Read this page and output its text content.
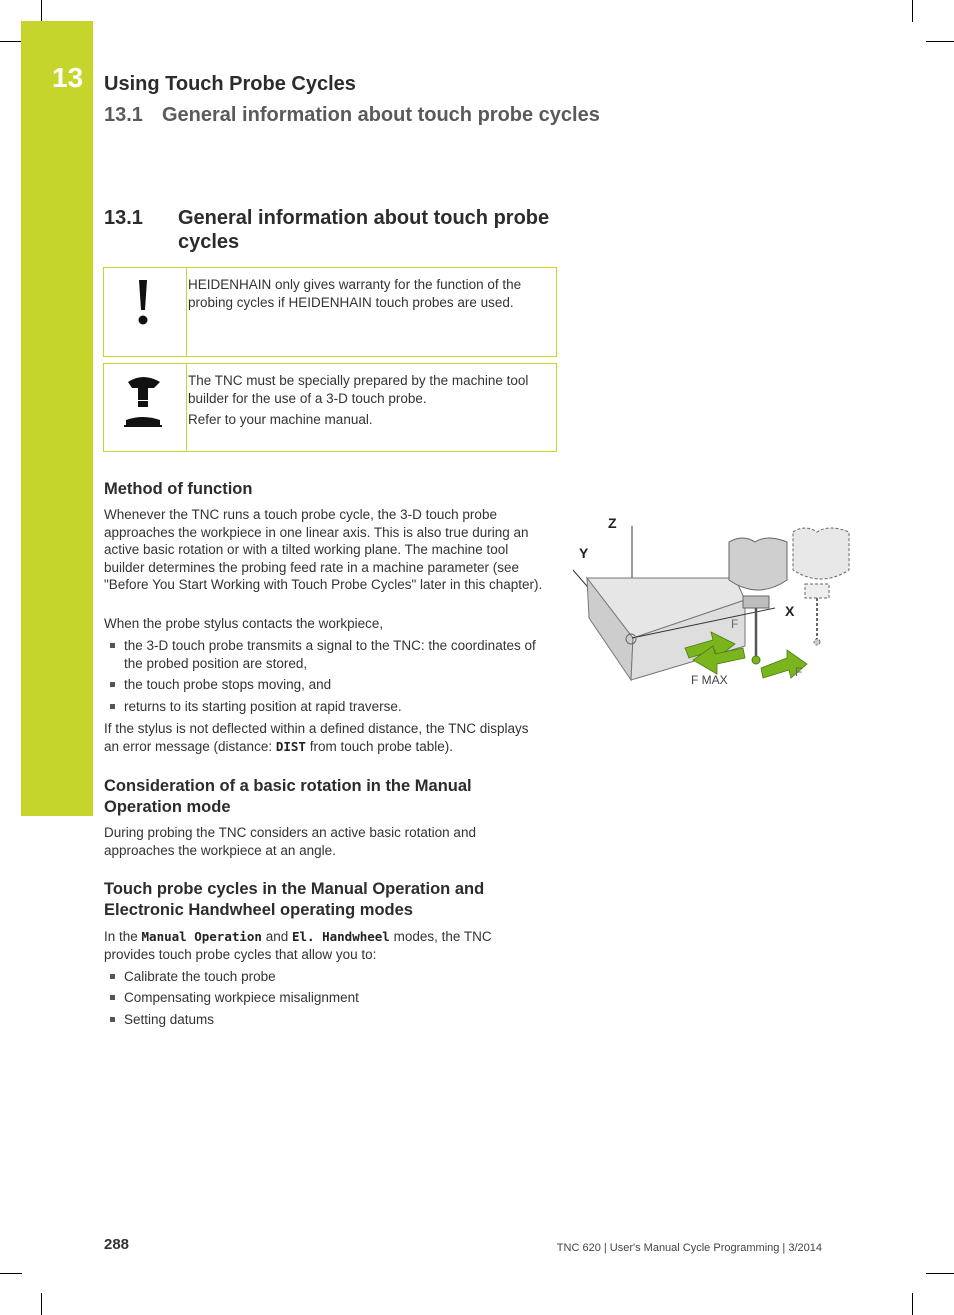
13 Using Touch Probe Cycles
13.1 General information about touch probe cycles
13.1 General information about touch probe cycles

HEIDENHAIN only gives warranty for the function of the probing cycles if HEIDENHAIN touch probes are used.

The TNC must be specially prepared by the machine tool builder for the use of a 3-D touch probe.

Refer to your machine manual.

Method of function

Whenever the TNC runs a touch probe cycle, the 3-D touch probe approaches the workpiece in one linear axis. This is also true during an active basic rotation or with a tilted working plane. The machine tool builder determines the probing feed rate in a machine parameter (see "Before You Start Working with Touch Probe Cycles" later in this chapter).

When the probe stylus contacts the workpiece,

the 3-D touch probe transmits a signal to the TNC: the coordinates of the probed position are stored,
the touch probe stops moving, and
returns to its starting position at rapid traverse.

If the stylus is not deflected within a defined distance, the TNC displays an error message (distance: DIST from touch probe table).

Z
Y
X
F
F
F MAX
Consideration of a basic rotation in the Manual Operation mode

During probing the TNC considers an active basic rotation and approaches the workpiece at an angle.

Touch probe cycles in the Manual Operation and Electronic Handwheel operating modes

In the Manual Operation and El. Handwheel modes, the TNC provides touch probe cycles that allow you to:

Calibrate the touch probe
Compensating workpiece misalignment
Setting datums
288	TNC 620 | User's Manual Cycle Programming | 3/2014
